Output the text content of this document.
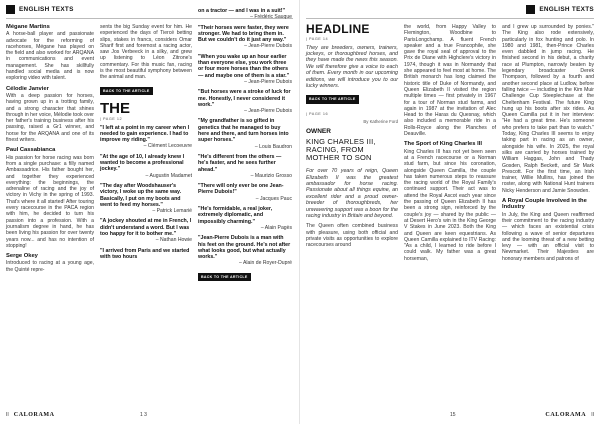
ENGLISH TEXTS
Mégane Martins

A horse-ball player and passionate advocate for the reforming of racehorses, Mégane has played on the field and also worked for ARQANA in communications and event management. She has skillfully handled social media and is now exploring video with talent.

Célodie Janvier

With a deep passion for horses, having grown up in a trotting family, and a strong character that shines through in her voice, Mélodie took over her father's training business after his passing, raised a Gr1 winner, and horse for the ARQANA and one of its finest writers.

Paul Cassabianca

His passion for horse racing was born from a single purchase: a filly named Ambassadrice. His father bought her, and together they experienced everything: the beginnings, the adrenaline of racing and the joy of victory in Vichy in the spring of 1993. That's where it all started! After touring every racecourse in the PACA region with him, he decided to turn his passion into a profession. With a journalism degree in hand, he has been living his passion for over twenty years now... and has no intention of stopping!

Serge Okey

Introduced to racing at a young age, the Quinté repre-

sents the big Sunday event for him. He experienced the days of Tiercé betting slips, stakes in francs, considers Omar Sharif first and foremost a racing actor, saw Jos Verbeeck in a silky, and grew up listening to Léon Zitrone's commentary. For this music fan, racing is the most beautiful symphony between the animal and man.

BACK TO THE ARTICLE
THE
| PAGE 12
"I left at a point in my career when I needed to gain experience. I had to improve my riding."
– Clément Lecoeuvre
"At the age of 10, I already knew I wanted to become a professional jockey."
– Augustin Madamet
"The day after Woodshauser's victory, I woke up the same way. Basically, I put on my boots and went to feed my horses."
– Patrick Lemarié
"A jockey shouted at me in French, I didn't understand a word. But I was too happy for it to bother me."
– Nathan Howie
"I arrived from Paris and we started with two hours
on a tractor — and I was in a suit!"
– Frédéric Sauque
"Their horses were faster, they were stronger. We had to bring them in. But we couldn't do it just any way."
– Jean-Pierre Dubois
"When you wake up an hour earlier than everyone else, you work three or four more horses than the others — and maybe one of them is a star."
– Jean-Pierre Dubois
"But horses were a stroke of luck for me. Honestly, I never considered it work."
– Jean-Pierre Dubois
"My grandfather is so gifted in genetics that he managed to buy here and there, and turn horses into super horses."
– Louis Baudron
"He's different from the others — he's faster, and he sees further ahead."
– Maurizio Grosso
"There will only ever be one Jean-Pierre Dubois!"
– Jacques Pauc
"He's formidable, a real joker, extremely diplomatic, and impossibly charming."
– Alain Pagès
"Jean-Pierre Dubois is a man with his feet on the ground. He's not after what looks good, but what actually works."
– Alain de Royer-Dupré
BACK TO THE ARTICLE
II CALORAMA	1 3
ENGLISH TEXTS
HEADLINE
| PAGE 14

They are breeders, owners, trainers, jockeys, or thoroughbred horses, and they have made the news this season. We will therefore give a voice to each of them. Every month in our upcoming editions, we will introduce you to our lucky winners.

BACK TO THE ARTICLE
| PAGE 16
By Katherine Ford
OWNER
KING CHARLES III, RACING, FROM MOTHER TO SON

For over 70 years of reign, Queen Elizabeth II was the greatest ambassador for horse racing. Passionate about all things equine, an excellent rider and a proud owner-breeder of thoroughbreds, her unwavering support was a boon for the racing industry in Britain and beyond.

The Queen often combined business with pleasure, using both official and private visits as opportunities to explore racecourses around

the world, from Happy Valley to Flemington, Woodbine to ParisLongchamp. A fluent French speaker and a true Francophile, she gave the royal seal of approval to the Prix de Diane with Highclere's victory in 1974, though it was in Normandy that she appeared to feel most at home. The British monarch has long claimed the historic title of Duke of Normandy, and Queen Elizabeth II visited the region multiple times — first privately in 1967 for a tour of Norman stud farms, and again in 1987 at the invitation of Alec Head to the Haras du Quesnay, which also included a memorable ride in a Rolls-Royce along the Planches of Deauville.

The Sport of King Charles III

King Charles III has not yet been seen at a French racecourse or a Norman stud farm, but since his coronation, alongside Queen Camilla, the couple has taken numerous steps to reassure the racing world of the Royal Family's continued support. Their act was to attend the Royal Ascot each year since the passing of Queen Elizabeth II has been a strong sign, reinforced by the couple's joy — shared by the public — at Desert Hero's win in the King George V Stakes in June 2023. Both the King and Queen are keen equestrians. As Queen Camilla explained to ITV Racing: "As a child, I learned to ride before I could walk. My father was a great horseman,

and I grew up surrounded by ponies." The King also rode extensively, particularly in fox hunting and polo. In 1980 and 1981, then-Prince Charles even dabbled in jump racing. He finished second in his debut, a charity race at Plumpton, narrowly beaten by legendary broadcaster Derek Thompson, followed by a fourth and another second place at Ludlow, before falling twice — including in the Kim Muir Challenge Cup Steeplechase at the Cheltenham Festival. The future King hung up his boots after six rides. As Queen Camilla put it in her interview: "He had a great time. He's someone who prefers to take part than to watch." Today, King Charles III seems to enjoy taking part in racing as an owner, alongside his wife. In 2025, the royal silks are carried by horses trained by William Haggas, John and Thady Gosden, Ralph Beckett, and Sir Mark Prescott. For the first time, an Irish trainer, Willie Mullins, has joined the roster, along with National Hunt trainers Nicky Henderson and Jamie Snowden.

A Royal Couple Involved in the Industry

In July, the King and Queen reaffirmed their commitment to the racing industry — which faces an existential crisis following a wave of senior departures and the looming threat of a new betting levy — with an official visit to Newmarket. Their Majesties are honorary members and patrons of

15	CALORAMA II
